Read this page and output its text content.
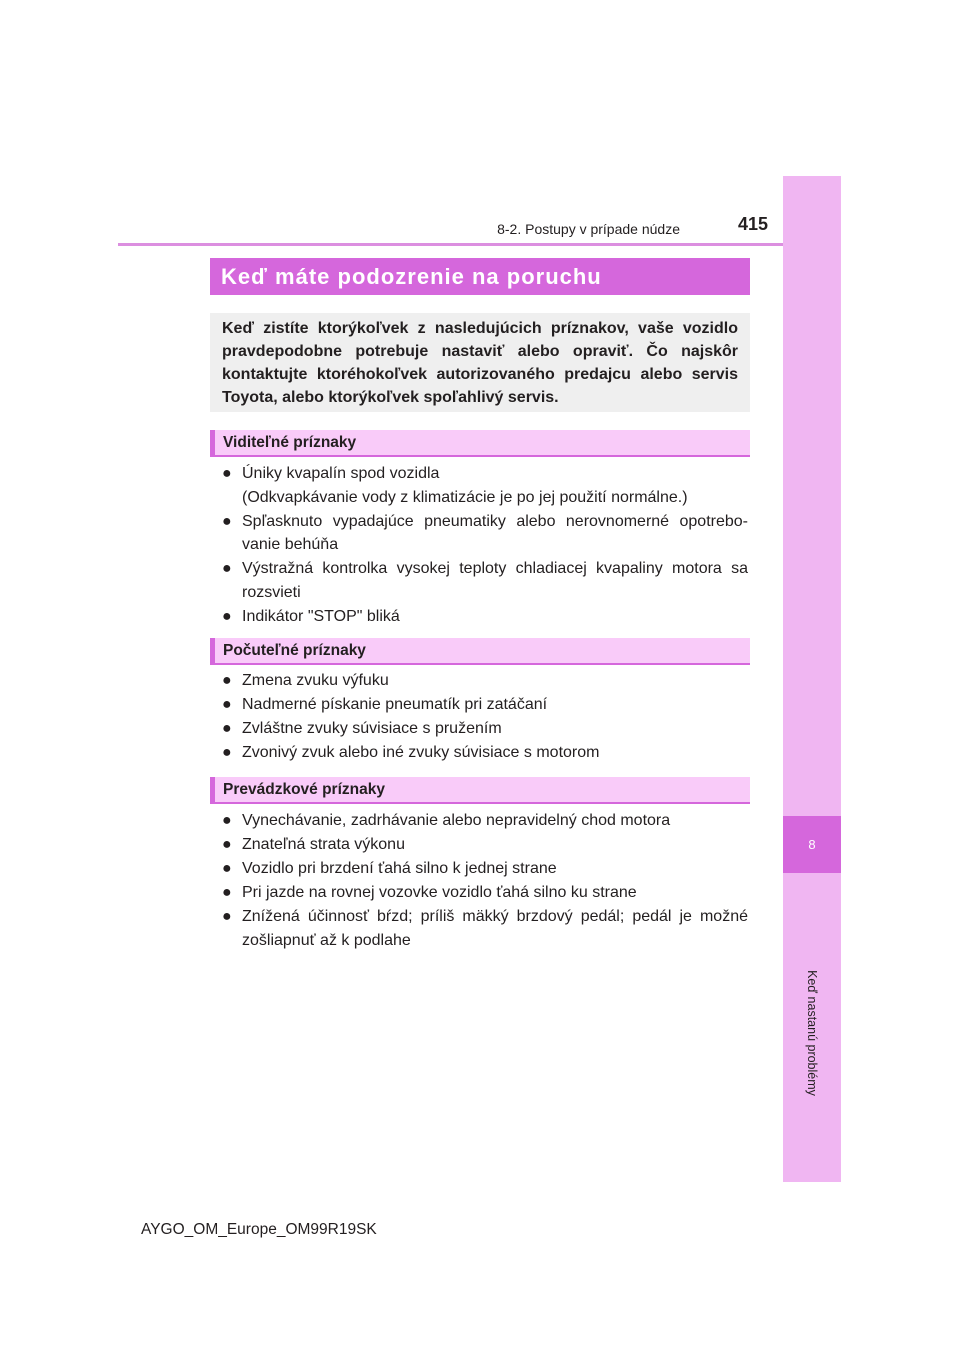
8
Keď nastanú problémy
8-2. Postupy v prípade núdze	415
Keď máte podozrenie na poruchu

Keď zistíte ktorýkoľvek z nasledujúcich príznakov, vaše vozidlo pravdepodobne potrebuje nastaviť alebo opraviť. Čo najskôr kontaktujte ktoréhokoľvek autorizovaného predajcu alebo servis Toyota, alebo ktorýkoľvek spoľahlivý servis.

Viditeľné príznaky
● Úniky kvapalín spod vozidla
(Odkvapkávanie vody z klimatizácie je po jej použití normálne.)
● Spľasknuto vypadajúce pneumatiky alebo nerovnomerné opotrebo-vanie behúňa
● Výstražná kontrolka vysokej teploty chladiacej kvapaliny motora sa rozsvieti
● Indikátor "STOP" bliká
Počuteľné príznaky
● Zmena zvuku výfuku
● Nadmerné pískanie pneumatík pri zatáčaní
● Zvláštne zvuky súvisiace s pružením
● Zvonivý zvuk alebo iné zvuky súvisiace s motorom
Prevádzkové príznaky
● Vynechávanie, zadrhávanie alebo nepravidelný chod motora
● Znateľná strata výkonu
● Vozidlo pri brzdení ťahá silno k jednej strane
● Pri jazde na rovnej vozovke vozidlo ťahá silno ku strane
● Znížená účinnosť bŕzd; príliš mäkký brzdový pedál; pedál je možné zošliapnuť až k podlahe
AYGO_OM_Europe_OM99R19SK
